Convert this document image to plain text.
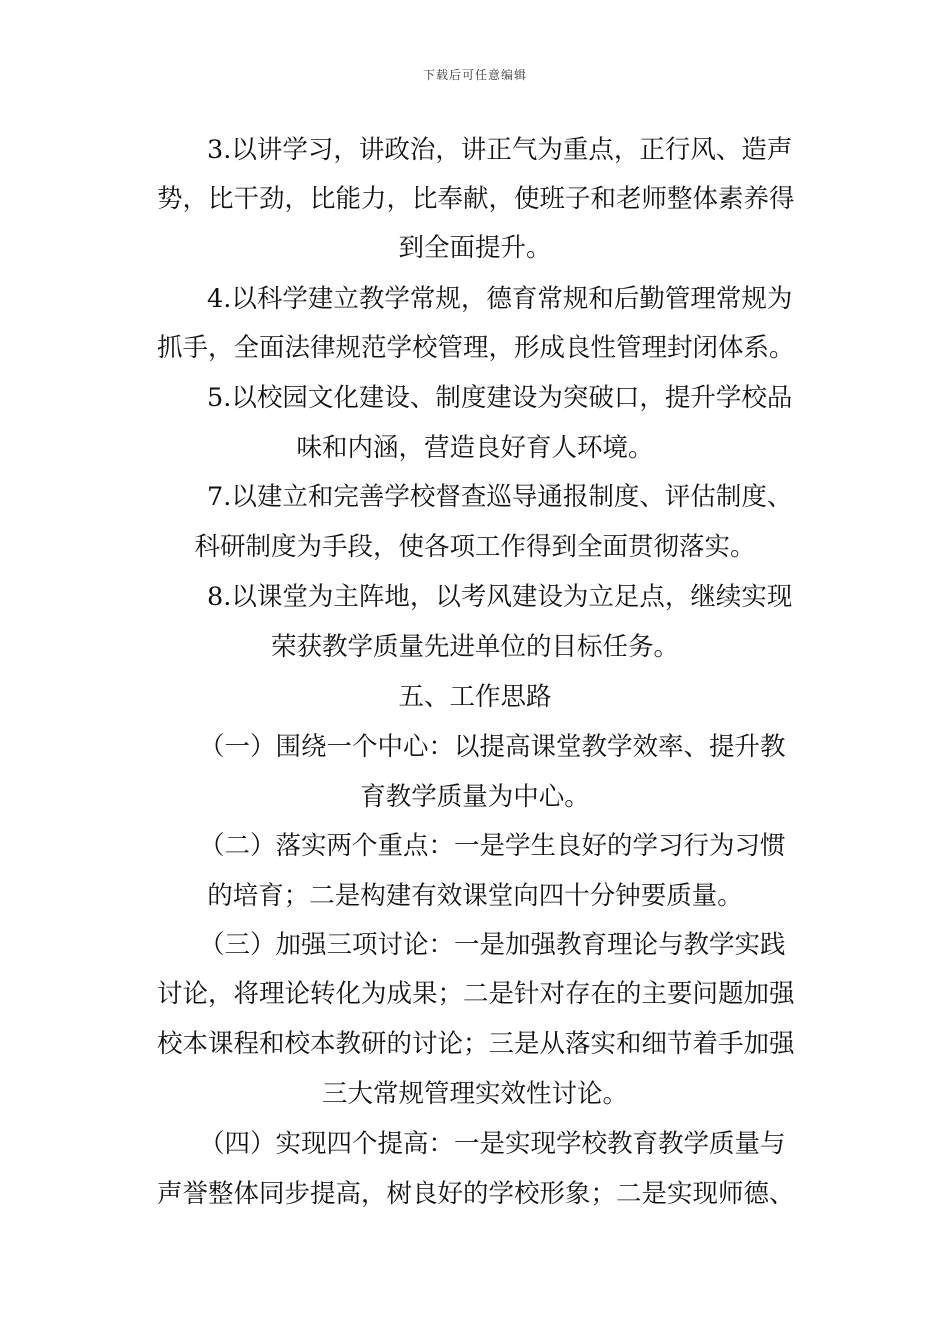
下载后可任意编辑
3.以讲学习，讲政治，讲正气为重点，正行风、造声
势，比干劲，比能力，比奉献，使班子和老师整体素养得
到全面提升。
4.以科学建立教学常规，德育常规和后勤管理常规为
抓手，全面法律规范学校管理，形成良性管理封闭体系。
5.以校园文化建设、制度建设为突破口，提升学校品
味和内涵，营造良好育人环境。
7.以建立和完善学校督查巡导通报制度、评估制度、
科研制度为手段，使各项工作得到全面贯彻落实。
8.以课堂为主阵地，以考风建设为立足点，继续实现
荣获教学质量先进单位的目标任务。
五、工作思路
（一）围绕一个中心：以提高课堂教学效率、提升教
育教学质量为中心。
（二）落实两个重点：一是学生良好的学习行为习惯
的培育；二是构建有效课堂向四十分钟要质量。
（三）加强三项讨论：一是加强教育理论与教学实践
讨论，将理论转化为成果；二是针对存在的主要问题加强
校本课程和校本教研的讨论；三是从落实和细节着手加强
三大常规管理实效性讨论。
（四）实现四个提高：一是实现学校教育教学质量与
声誉整体同步提高，树良好的学校形象；二是实现师德、
